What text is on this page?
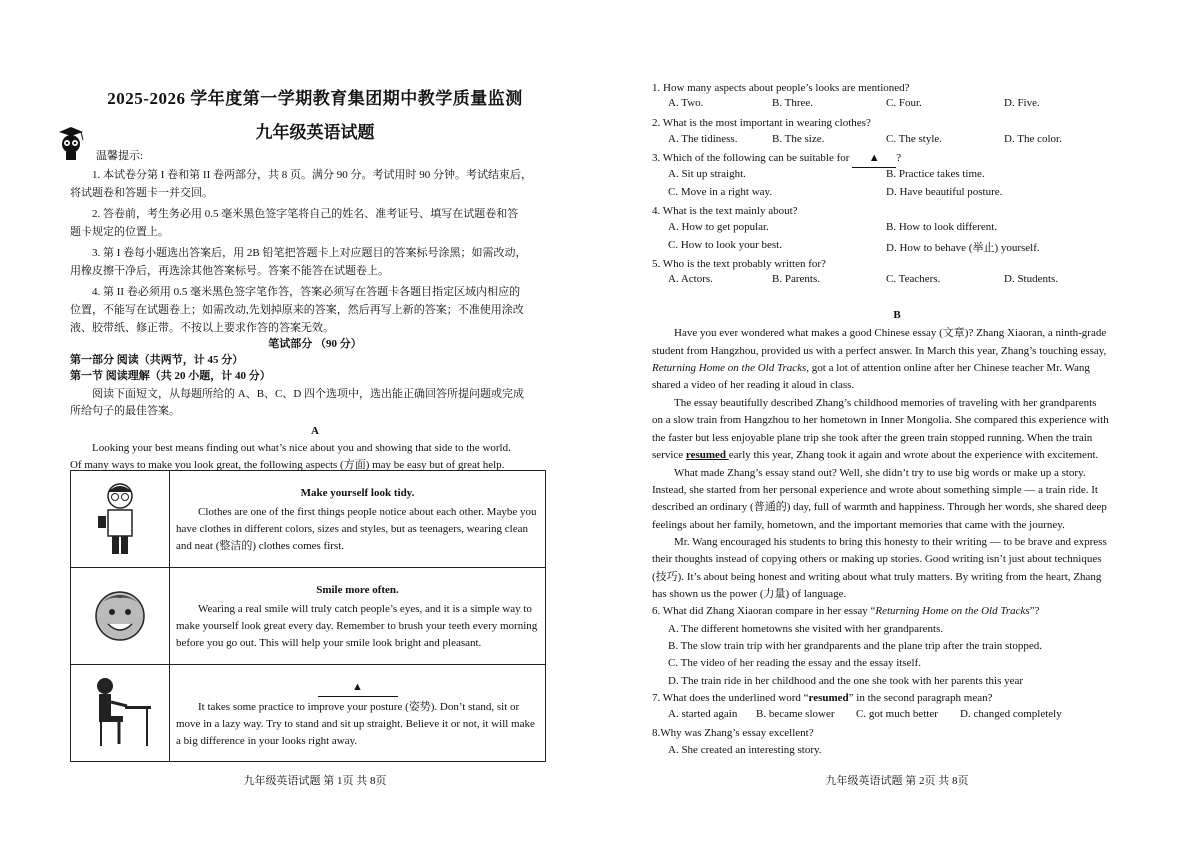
2025-2026 学年度第一学期教育集团期中教学质量监测
九年级英语试题
温馨提示:
1. 本试卷分第 I 卷和第 II 卷两部分，共 8 页。满分 90 分。考试用时 90 分钟。考试结束后，
将试题卷和答题卡一并交回。
2. 答卷前，考生务必用 0.5 毫米黑色签字笔将自己的姓名、准考证号、填写在试题卷和答
题卡规定的位置上。
3. 第 I 卷每小题选出答案后，用 2B 铅笔把答题卡上对应题目的答案标号涂黑；如需改动，
用橡皮擦干净后，再选涂其他答案标号。答案不能答在试题卷上。
4. 第 II 卷必须用 0.5 毫米黑色签字笔作答，答案必须写在答题卡各题目指定区域内相应的
位置，不能写在试题卷上；如需改动,先划掉原来的答案，然后再写上新的答案；不准使用涂改
液、胶带纸、修正带。不按以上要求作答的答案无效。
笔试部分 （90 分）
第一部分 阅读（共两节，计 45 分）
第一节 阅读理解（共 20 小题，计 40 分）
阅读下面短文，从每题所给的 A、B、C、D 四个选项中，选出能正确回答所提问题或完成
所给句子的最佳答案。
A
Looking your best means finding out what’s nice about you and showing that side to the world.
Of many ways to make you look great, the following aspects (方面) may be easy but of great help.

Make yourself look tidy.
Clothes are one of the first things people notice about each other. Maybe you have clothes in different colors, sizes and styles, but as teenagers, wearing clean and neat (整洁的) clothes comes first.

Smile more often.
Wearing a real smile will truly catch people’s eyes, and it is a simple way to make yourself look great every day. Remember to brush your teeth every morning before you go out. This will help your smile look bright and pleasant.

▲
It takes some practice to improve your posture (姿势). Don’t stand, sit or move in a lazy way. Try to stand and sit up straight. Believe it or not, it will make a big difference in your looks right away.
九年级英语试题 第 1页 共 8页
1. How many aspects about people’s looks are mentioned?
A. Two.	B. Three.	C. Four.	D. Five.
2. What is the most important in wearing clothes?
A. The tidiness.	B. The size.	C. The style.	D. The color.
3. Which of the following can be suitable for ▲ ?
A. Sit up straight.	B. Practice takes time.
C. Move in a right way.	D. Have beautiful posture.
4. What is the text mainly about?
A. How to get popular.	B. How to look different.
C. How to look your best.	D. How to behave (举止) yourself.
5. Who is the text probably written for?
A. Actors.	B. Parents.	C. Teachers.	D. Students.
B
Have you ever wondered what makes a good Chinese essay (文章)? Zhang Xiaoran, a ninth-grade
student from Hangzhou, provided us with a perfect answer. In March this year, Zhang’s touching essay,
Returning Home on the Old Tracks, got a lot of attention online after her Chinese teacher Mr. Wang
shared a video of her reading it aloud in class.
The essay beautifully described Zhang’s childhood memories of traveling with her grandparents
on a slow train from Hangzhou to her hometown in Inner Mongolia. She compared this experience with
the faster but less enjoyable plane trip she took after the green train stopped running. When the train
service resumed early this year, Zhang took it again and wrote about the experience with excitement.
What made Zhang’s essay stand out? Well, she didn’t try to use big words or make up a story.
Instead, she started from her personal experience and wrote about something simple — a train ride. It
described an ordinary (普通的) day, full of warmth and happiness. Through her words, she shared deep
feelings about her family, hometown, and the important memories that came with the journey.
Mr. Wang encouraged his students to bring this honesty to their writing — to be brave and express
their thoughts instead of copying others or making up stories. Good writing isn’t just about techniques
(技巧). It’s about being honest and writing about what truly matters. By writing from the heart, Zhang
has shown us the power (力量) of language.
6. What did Zhang Xiaoran compare in her essay “Returning Home on the Old Tracks”?
A. The different hometowns she visited with her grandparents.
B. The slow train trip with her grandparents and the plane trip after the train stopped.
C. The video of her reading the essay and the essay itself.
D. The train ride in her childhood and the one she took with her parents this year
7. What does the underlined word “resumed” in the second paragraph mean?
A. started again B. became slower C. got much better D. changed completely
8.Why was Zhang’s essay excellent?
A. She created an interesting story.
九年级英语试题 第 2页 共 8页
